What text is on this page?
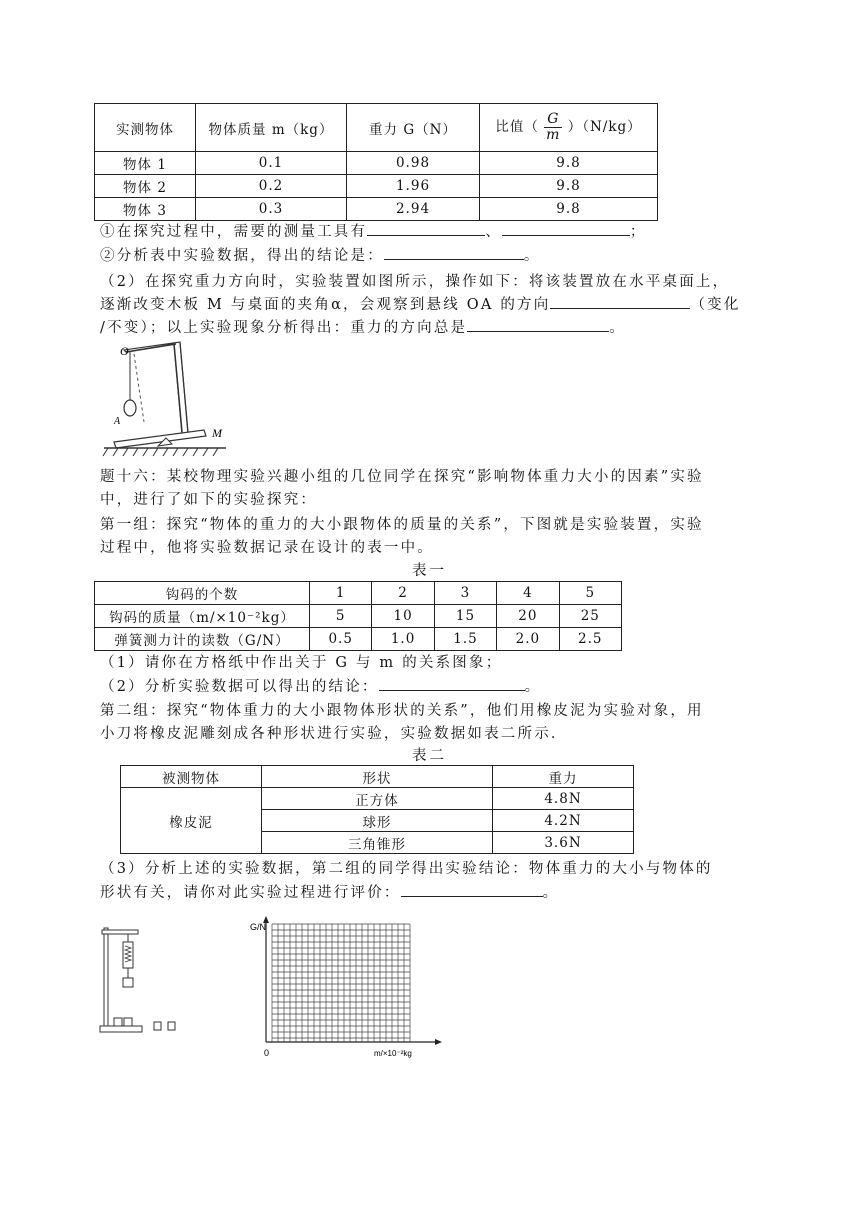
实测物体	物体质量 m（kg）	重力 G（N）	比值（ $\frac{G}{m} )(N/kg)$
物体 1	0.1	0.98	9.8
物体 2	0.2	1.96	9.8
物体 3	0.3	2.94	9.8
①在探究过程中，需要的测量工具有	、	；
②分析表中实验数据，得出的结论是：	。
（2）在探究重力方向时，实验装置如图所示，操作如下：将该装置放在水平桌面上，
逐渐改变木板 M 与桌面的夹角α，会观察到悬线 OA 的方向	（变化
/不变）；以上实验现象分析得出：重力的方向总是	。
O
A
M
题十六：某校物理实验兴趣小组的几位同学在探究“影响物体重力大小的因素”实验
中，进行了如下的实验探究：
第一组：探究“物体的重力的大小跟物体的质量的关系”，下图就是实验装置，实验
过程中，他将实验数据记录在设计的表一中。
表一
钩码的个数	1	2	3	4	5
钩码的质量（m/×10⁻²kg）	5	10	15	20	25
弹簧测力计的读数（G/N）	0.5	1.0	1.5	2.0	2.5
（1）请你在方格纸中作出关于 G 与 m 的关系图象；
（2）分析实验数据可以得出的结论：	。
第二组：探究“物体重力的大小跟物体形状的关系”，他们用橡皮泥为实验对象，用
小刀将橡皮泥雕刻成各种形状进行实验，实验数据如表二所示．
表二
被测物体	形状	重力
橡皮泥	正方体	4.8N
	球形	4.2N
	三角锥形	3.6N
（3）分析上述的实验数据，第二组的同学得出实验结论：物体重力的大小与物体的
形状有关，请你对此实验过程进行评价：	。
G/N
0	m/×10⁻²kg
